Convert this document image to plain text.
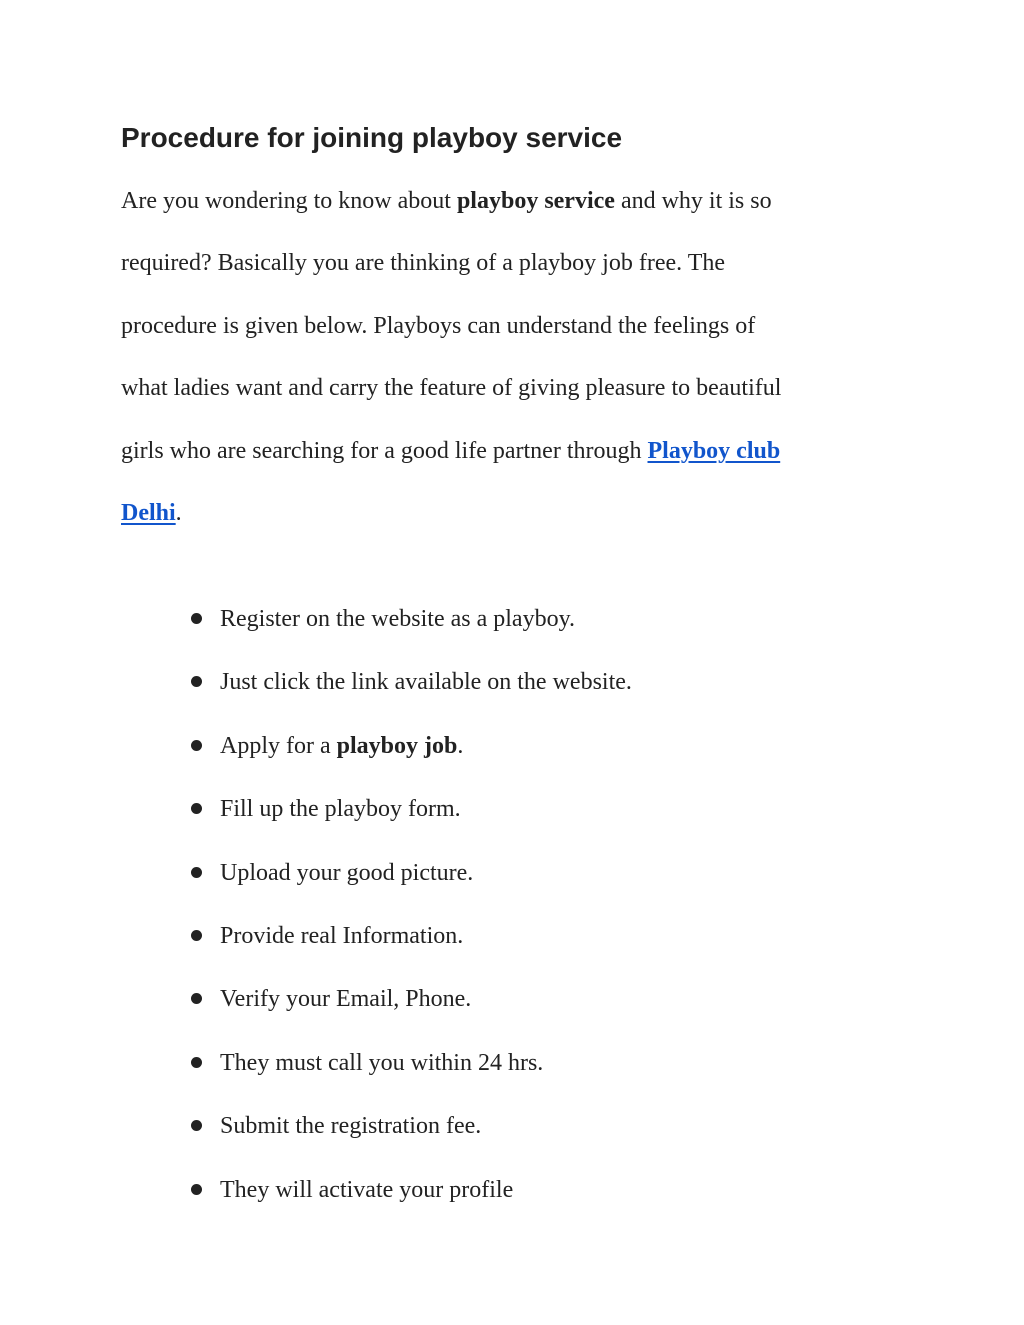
Procedure for joining playboy service

Are you wondering to know about playboy service and why it is so
required? Basically you are thinking of a playboy job free. The
procedure is given below. Playboys can understand the feelings of
what ladies want and carry the feature of giving pleasure to beautiful
girls who are searching for a good life partner through Playboy club
Delhi.

Register on the website as a playboy.
Just click the link available on the website.
Apply for a playboy job.
Fill up the playboy form.
Upload your good picture.
Provide real Information.
Verify your Email, Phone.
They must call you within 24 hrs.
Submit the registration fee.
They will activate your profile
